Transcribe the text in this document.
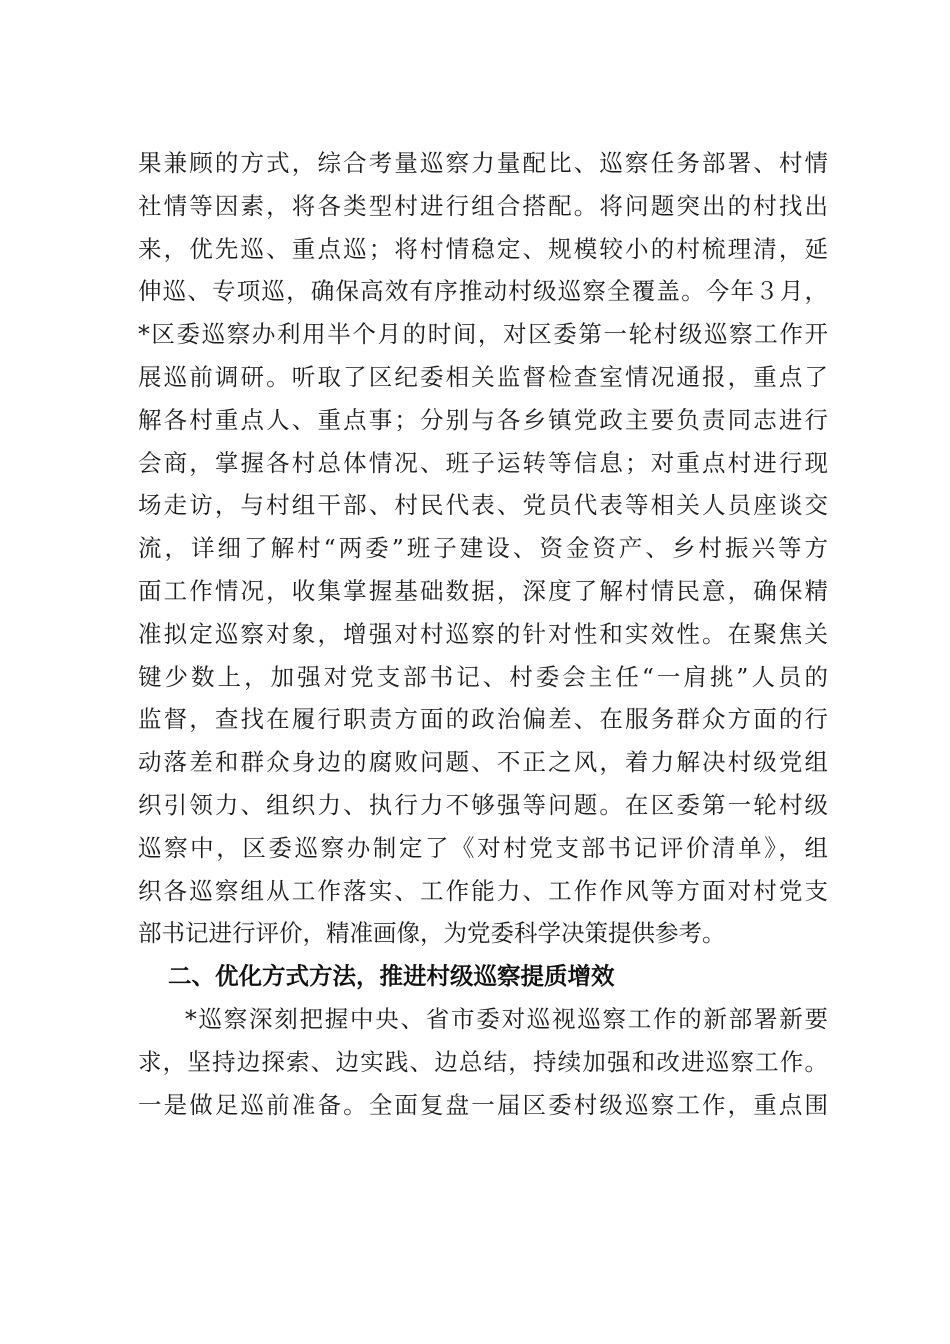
果兼顾的方式，综合考量巡察力量配比、巡察任务部署、村情
社情等因素，将各类型村进行组合搭配。将问题突出的村找出
来，优先巡、重点巡；将村情稳定、规模较小的村梳理清，延
伸巡、专项巡，确保高效有序推动村级巡察全覆盖。今年３月，
*区委巡察办利用半个月的时间，对区委第一轮村级巡察工作开
展巡前调研。听取了区纪委相关监督检查室情况通报，重点了
解各村重点人、重点事；分别与各乡镇党政主要负责同志进行
会商，掌握各村总体情况、班子运转等信息；对重点村进行现
场走访，与村组干部、村民代表、党员代表等相关人员座谈交
流，详细了解村“两委”班子建设、资金资产、乡村振兴等方
面工作情况，收集掌握基础数据，深度了解村情民意，确保精
准拟定巡察对象，增强对村巡察的针对性和实效性。在聚焦关
键少数上，加强对党支部书记、村委会主任“一肩挑”人员的
监督，查找在履行职责方面的政治偏差、在服务群众方面的行
动落差和群众身边的腐败问题、不正之风，着力解决村级党组
织引领力、组织力、执行力不够强等问题。在区委第一轮村级
巡察中，区委巡察办制定了《对村党支部书记评价清单》，组
织各巡察组从工作落实、工作能力、工作作风等方面对村党支
部书记进行评价，精准画像，为党委科学决策提供参考。
二、优化方式方法，推进村级巡察提质增效
*巡察深刻把握中央、省市委对巡视巡察工作的新部署新要
求，坚持边探索、边实践、边总结，持续加强和改进巡察工作。
一是做足巡前准备。全面复盘一届区委村级巡察工作，重点围
